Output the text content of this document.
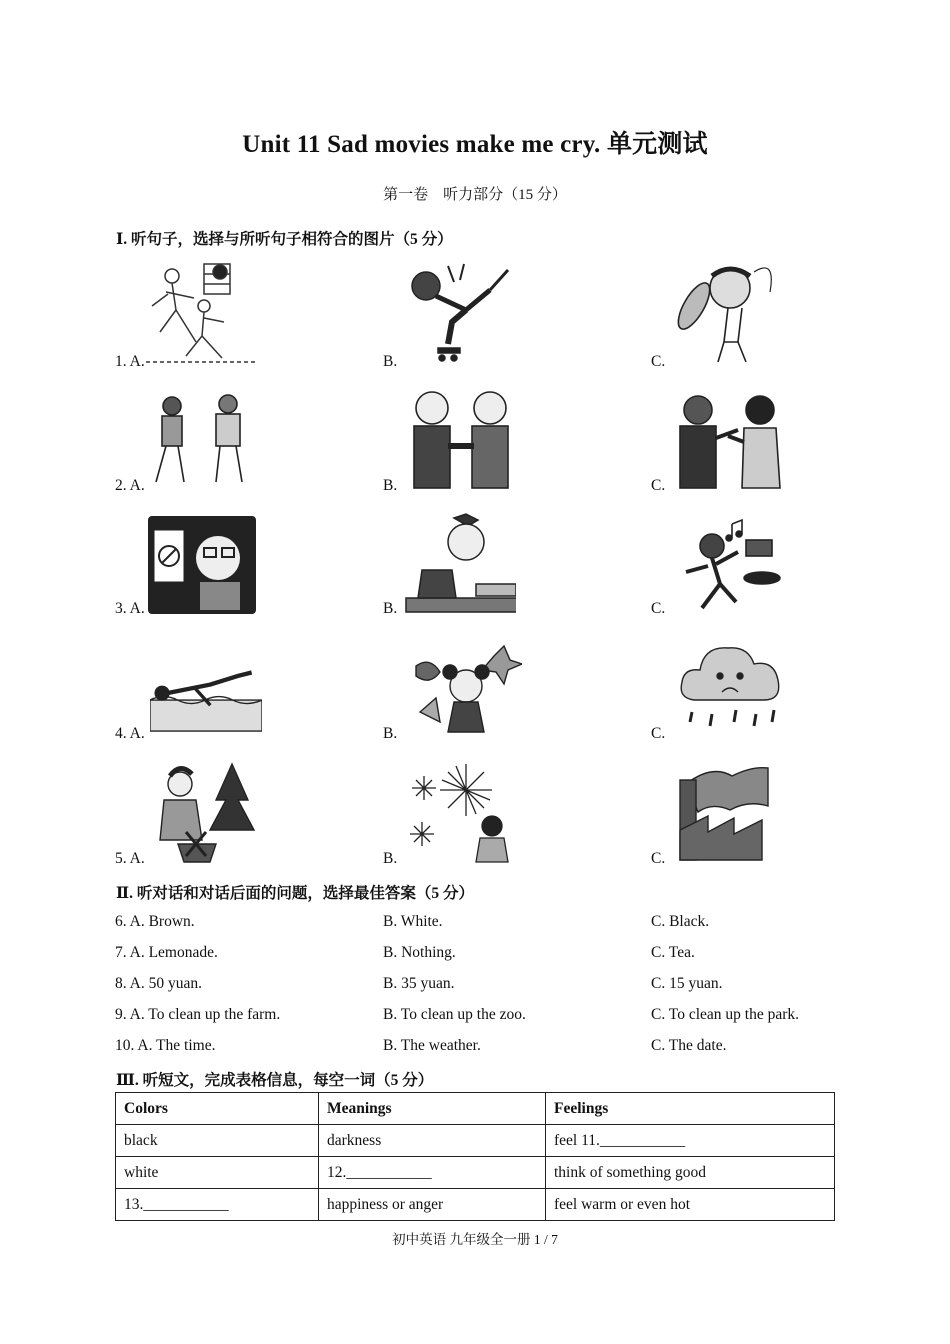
Unit 11 Sad movies make me cry. 单元测试
第一卷　听力部分（15 分）
Ⅰ. 听句子，选择与所听句子相符合的图片（5 分）
1. A.	B.	C.
2. A.	B.	C.
3. A.	B.	C.
4. A.	B.	C.
5. A.	B.	C.
Ⅱ. 听对话和对话后面的问题，选择最佳答案（5 分）
6. A. Brown.	B. White.	C. Black.
7. A. Lemonade.	B. Nothing.	C. Tea.
8. A. 50 yuan.	B. 35 yuan.	C. 15 yuan.
9. A. To clean up the farm.	B. To clean up the zoo.	C. To clean up the park.
10. A. The time.	B. The weather.	C. The date.
Ⅲ. 听短文，完成表格信息，每空一词（5 分）
Colors	Meanings	Feelings
black	darkness	feel 11.___________
white	12.___________	think of something good
13.___________	happiness or anger	feel warm or even hot
初中英语 九年级全一册 1 / 7
